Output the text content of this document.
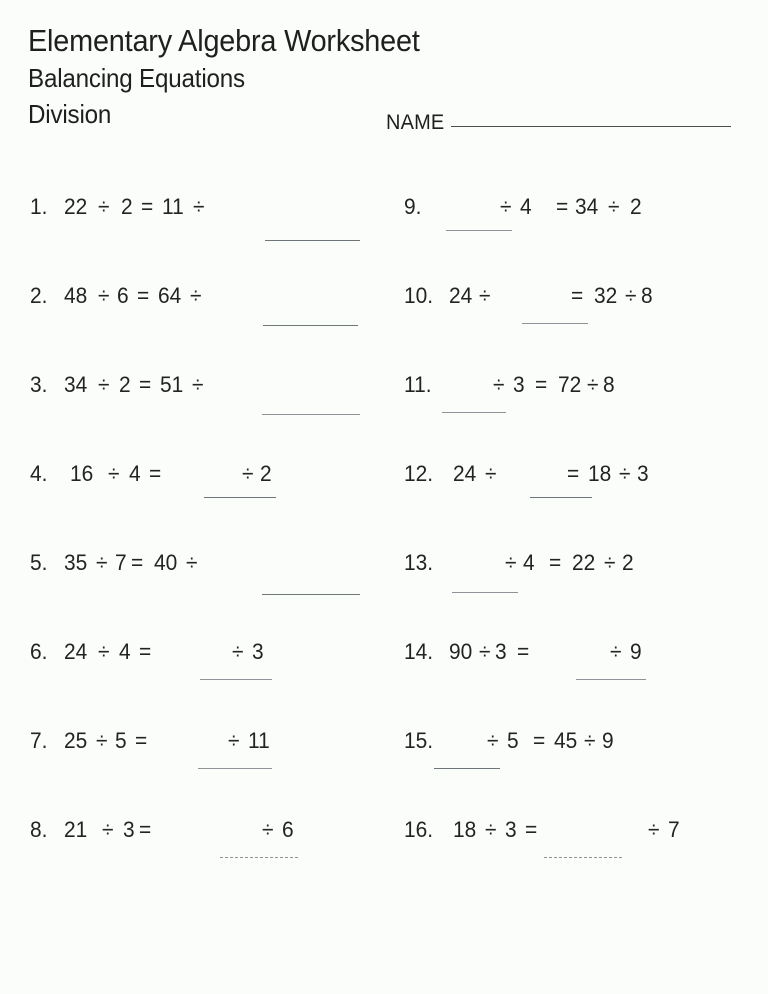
Elementary Algebra Worksheet
Balancing Equations
Division	NAME
1. 22 ÷ 2 = 11 ÷
2. 48 ÷ 6 = 64 ÷
3. 34 ÷ 2 = 51 ÷
4.	16 ÷ 4 =	÷ 2
5. 35 ÷ 7 = 40 ÷
6. 24 ÷ 4 =	÷ 3
7. 25 ÷ 5 =	÷ 11
8. 21 ÷ 3 =	÷ 6
9.	÷ 4 = 34 ÷ 2
10. 24 ÷	= 32 ÷ 8
11.	÷ 3 = 72 ÷ 8
12. 24 ÷	= 18 ÷ 3
13.	÷ 4 = 22 ÷ 2
14. 90 ÷ 3 =	÷ 9
15. ÷ 5 = 45 ÷ 9
16. 18 ÷ 3 =	÷ 7
